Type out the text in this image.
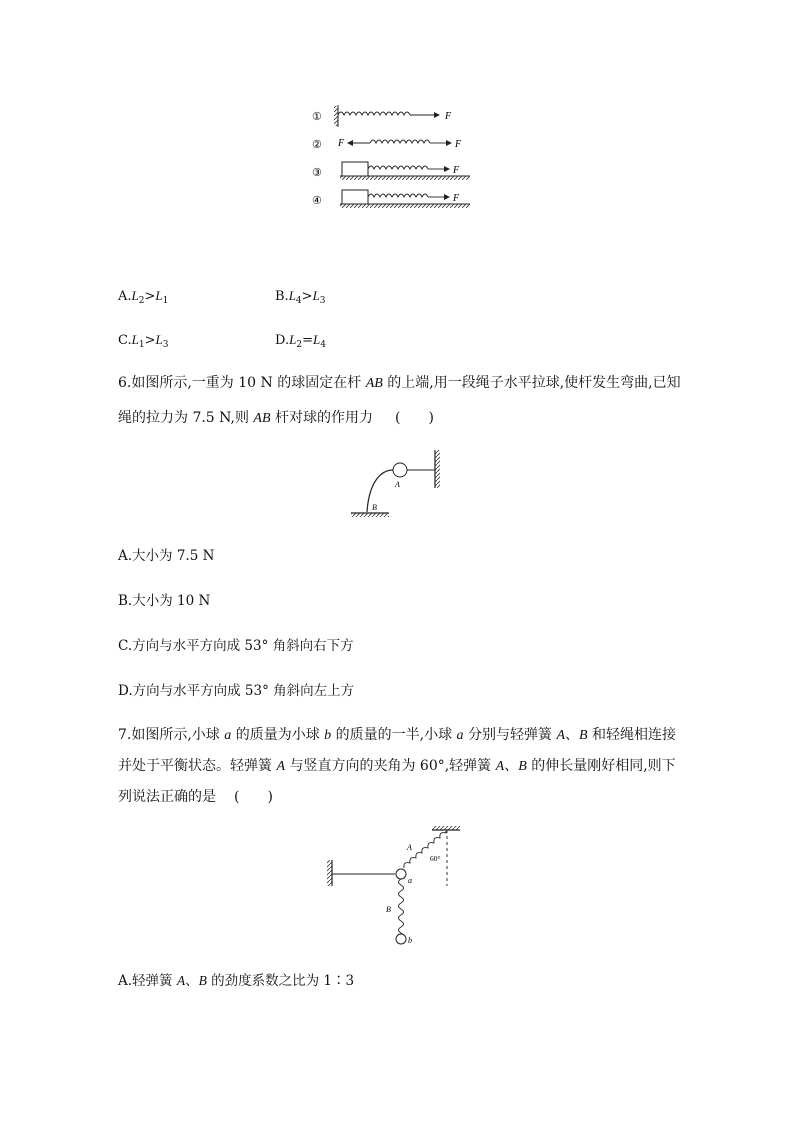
①	F
② F	F
③	F
④	F
$A.L_2>L_1$	$B.L_4>L_3$
$C.L_1>L_3$	$D.L_2=L_4$
6.如图所示,一重为 10 N 的球固定在杆 AB 的上端,用一段绳子水平拉球,使杆发生弯曲,已知
绳的拉力为 7.5 N,则 AB 杆对球的作用力 (　　)
A
B
A.大小为 7.5 N
B.大小为 10 N
C.方向与水平方向成 53° 角斜向右下方
D.方向与水平方向成 53° 角斜向左上方
7.如图所示,小球 a 的质量为小球 b 的质量的一半,小球 a 分别与轻弹簧 A、B 和轻绳相连接
并处于平衡状态。轻弹簧 A 与竖直方向的夹角为 60°,轻弹簧 A、B 的伸长量刚好相同,则下
列说法正确的是 (　　)
A
60°
a
B
b
A.轻弹簧 A、B 的劲度系数之比为 1∶3
